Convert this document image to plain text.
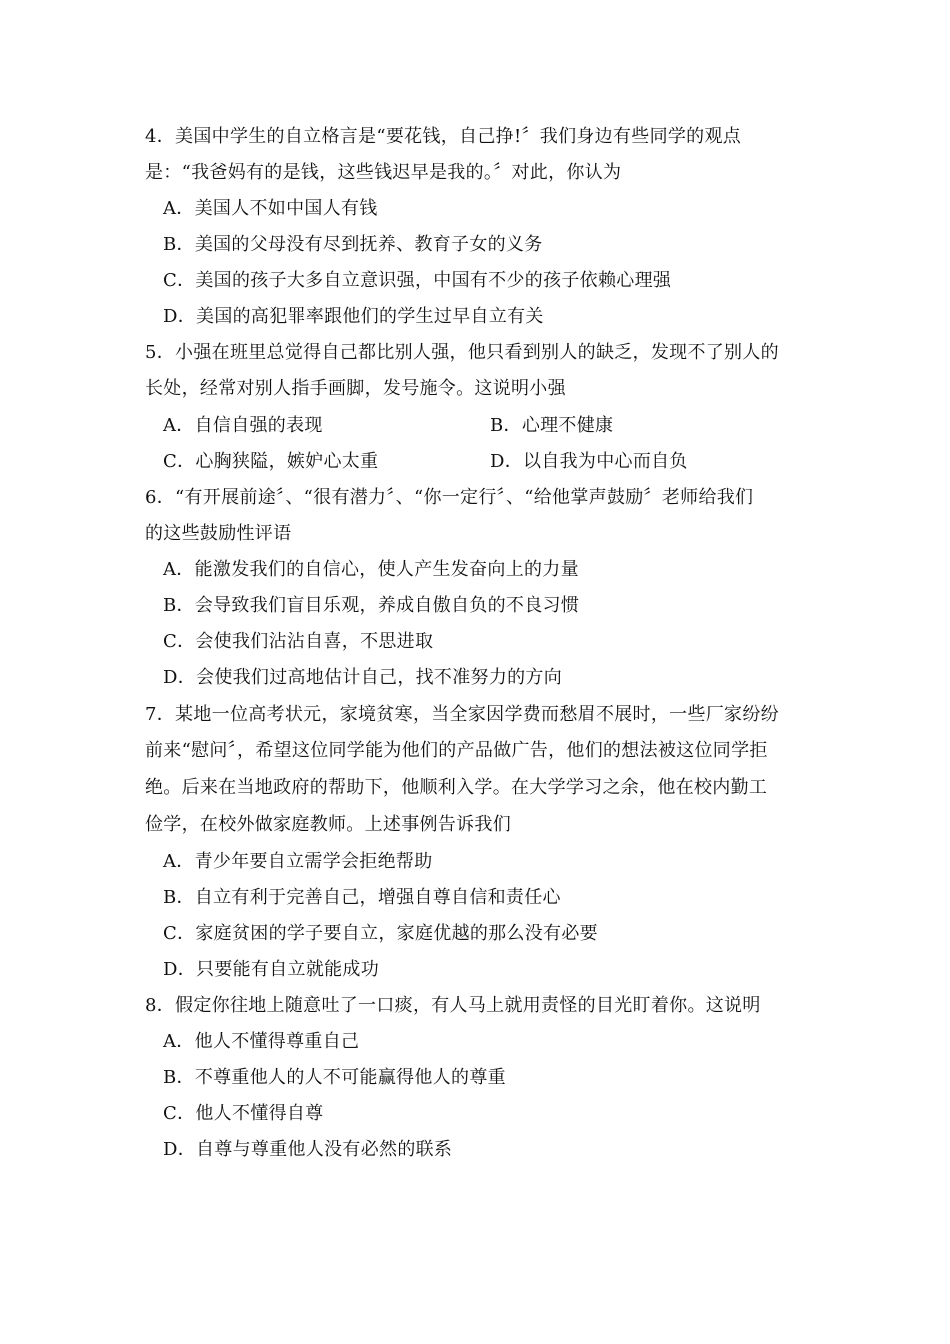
4．美国中学生的自立格言是“要花钱，自己挣!〞我们身边有些同学的观点
是：“我爸妈有的是钱，这些钱迟早是我的。〞对此，你认为
A．美国人不如中国人有钱
B．美国的父母没有尽到抚养、教育子女的义务
C．美国的孩子大多自立意识强，中国有不少的孩子依赖心理强
D．美国的高犯罪率跟他们的学生过早自立有关
5．小强在班里总觉得自己都比别人强，他只看到别人的缺乏，发现不了别人的
长处，经常对别人指手画脚，发号施令。这说明小强
A．自信自强的表现	B．心理不健康
C．心胸狭隘，嫉妒心太重	D．以自我为中心而自负
6．“有开展前途〞、“很有潜力〞、“你一定行〞、“给他掌声鼓励〞老师给我们
的这些鼓励性评语
A．能激发我们的自信心，使人产生发奋向上的力量
B．会导致我们盲目乐观，养成自傲自负的不良习惯
C．会使我们沾沾自喜，不思进取
D．会使我们过高地估计自己，找不准努力的方向
7．某地一位高考状元，家境贫寒，当全家因学费而愁眉不展时，一些厂家纷纷
前来“慰问〞，希望这位同学能为他们的产品做广告，他们的想法被这位同学拒
绝。后来在当地政府的帮助下，他顺利入学。在大学学习之余，他在校内勤工
俭学，在校外做家庭教师。上述事例告诉我们
A．青少年要自立需学会拒绝帮助
B．自立有利于完善自己，增强自尊自信和责任心
C．家庭贫困的学子要自立，家庭优越的那么没有必要
D．只要能有自立就能成功
8．假定你往地上随意吐了一口痰，有人马上就用责怪的目光盯着你。这说明
A．他人不懂得尊重自己
B．不尊重他人的人不可能赢得他人的尊重
C．他人不懂得自尊
D．自尊与尊重他人没有必然的联系
